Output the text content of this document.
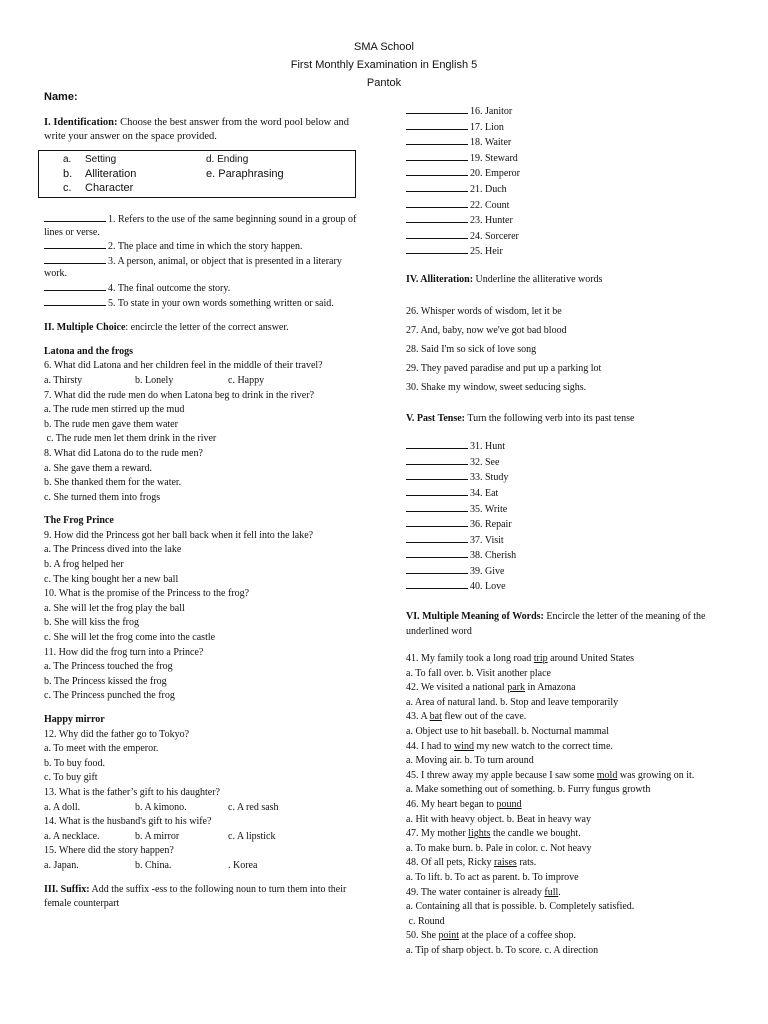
SMA School
First Monthly Examination in English 5
Pantok
Name:
I. Identification: Choose the best answer from the word pool below and write your answer on the space provided.
a.	Setting	d. Ending
b.	Alliteration	e. Paraphrasing
c.	Character
1. Refers to the use of the same beginning sound in a group of lines or verse.
2. The place and time in which the story happen.
3. A person, animal, or object that is presented in a literary work.
4. The final outcome the story.
5. To state in your own words something written or said.
II. Multiple Choice: encircle the letter of the correct answer.
Latona and the frogs
6. What did Latona and her children feel in the middle of their travel?
a. Thirsty	b. Lonely	c. Happy
7. What did the rude men do when Latona beg to drink in the river?
a. The rude men stirred up the mud
b. The rude men gave them water
c. The rude men let them drink in the river
8. What did Latona do to the rude men?
a. She gave them a reward.
b. She thanked them for the water.
c. She turned them into frogs
The Frog Prince
9. How did the Princess got her ball back when it fell into the lake?
a. The Princess dived into the lake
b. A frog helped her
c. The king bought her a new ball
10. What is the promise of the Princess to the frog?
a. She will let the frog play the ball
b. She will kiss the frog
c. She will let the frog come into the castle
11. How did the frog turn into a Prince?
a. The Princess touched the frog
b. The Princess kissed the frog
c. The Princess punched the frog
Happy mirror
12. Why did the father go to Tokyo?
a. To meet with the emperor.
b. To buy food.
c. To buy gift
13. What is the father’s gift to his daughter?
a. A doll.	b. A kimono.	c. A red sash
14. What is the husband's gift to his wife?
a. A necklace.	b. A mirror	c. A lipstick
15. Where did the story happen?
a. Japan.	b. China.	. Korea
III. Suffix: Add the suffix -ess to the following noun to turn them into their female counterpart
16. Janitor
17. Lion
18. Waiter
19. Steward
20. Emperor
21. Duch
22. Count
23. Hunter
24. Sorcerer
25. Heir
IV. Alliteration: Underline the alliterative words
26. Whisper words of wisdom, let it be
27. And, baby, now we've got bad blood
28. Said I'm so sick of love song
29. They paved paradise and put up a parking lot
30. Shake my window, sweet seducing sighs.
V. Past Tense: Turn the following verb into its past tense
31. Hunt
32. See
33. Study
34. Eat
35. Write
36. Repair
37. Visit
38. Cherish
39. Give
40. Love
VI. Multiple Meaning of Words: Encircle the letter of the meaning of the underlined word
41. My family took a long road trip around United States
a. To fall over. b. Visit another place
42. We visited a national park in Amazona
a. Area of natural land. b. Stop and leave temporarily
43. A bat flew out of the cave.
a. Object use to hit baseball. b. Nocturnal mammal
44. I had to wind my new watch to the correct time.
a. Moving air. b. To turn around
45. I threw away my apple because I saw some mold was growing on it.
a. Make something out of something. b. Furry fungus growth
46. My heart began to pound
a. Hit with heavy object. b. Beat in heavy way
47. My mother lights the candle we bought.
a. To make burn. b. Pale in color. c. Not heavy
48. Of all pets, Ricky raises rats.
a. To lift. b. To act as parent. b. To improve
49. The water container is already full.
a. Containing all that is possible. b. Completely satisfied.
c. Round
50. She point at the place of a coffee shop.
a. Tip of sharp object. b. To score. c. A direction
